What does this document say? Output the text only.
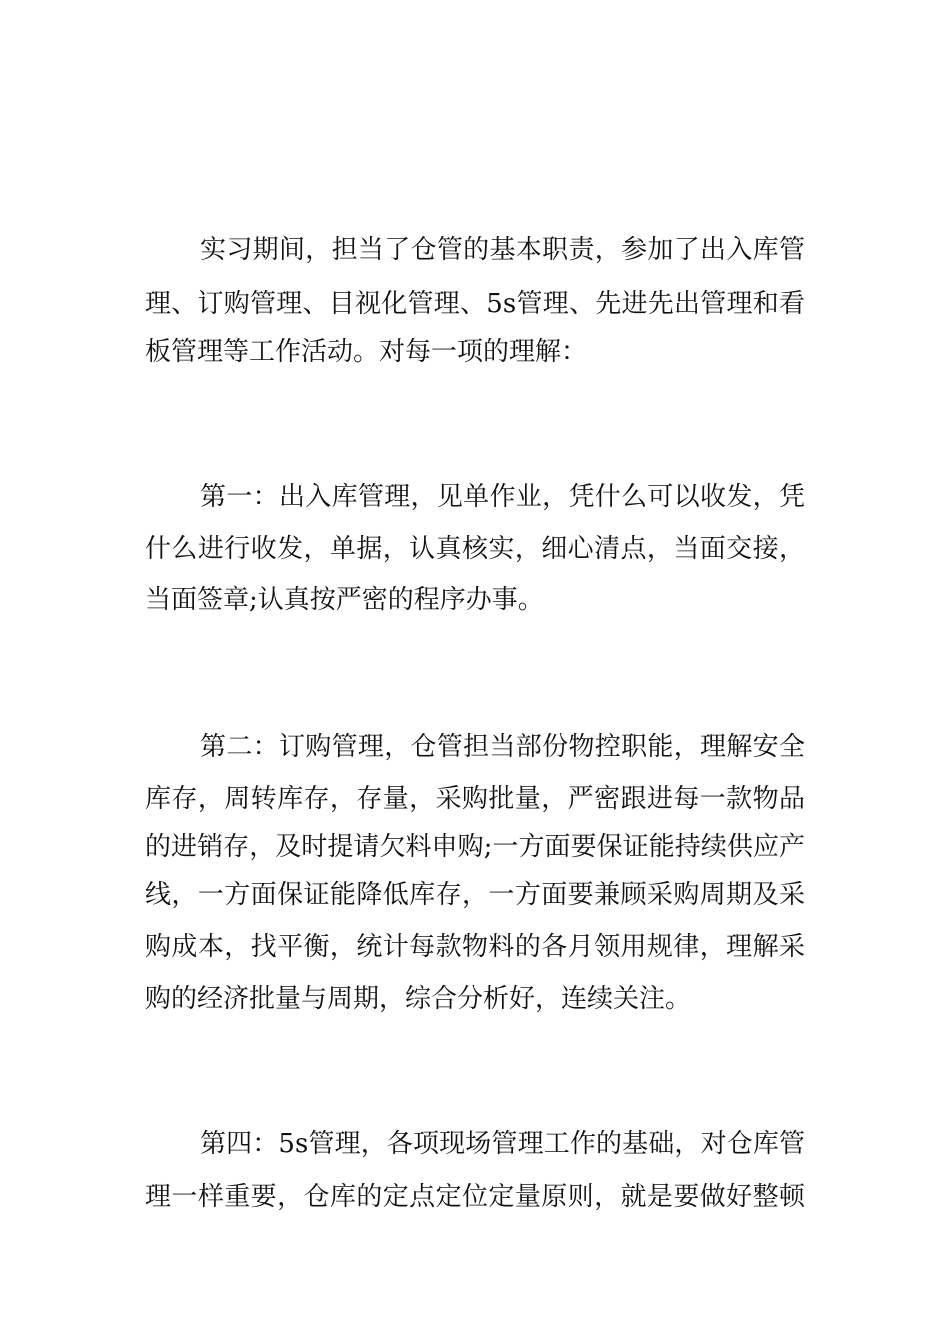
实习期间，担当了仓管的基本职责，参加了出入库管

理、订购管理、目视化管理、5s管理、先进先出管理和看

板管理等工作活动。对每一项的理解：

第一：出入库管理，见单作业，凭什么可以收发，凭

什么进行收发，单据，认真核实，细心清点，当面交接，

当面签章;认真按严密的程序办事。

第二：订购管理，仓管担当部份物控职能，理解安全

库存，周转库存，存量，采购批量，严密跟进每一款物品

的进销存，及时提请欠料申购;一方面要保证能持续供应产

线，一方面保证能降低库存，一方面要兼顾采购周期及采

购成本，找平衡，统计每款物料的各月领用规律，理解采

购的经济批量与周期，综合分析好，连续关注。

第四：5s管理，各项现场管理工作的基础，对仓库管

理一样重要，仓库的定点定位定量原则，就是要做好整顿
